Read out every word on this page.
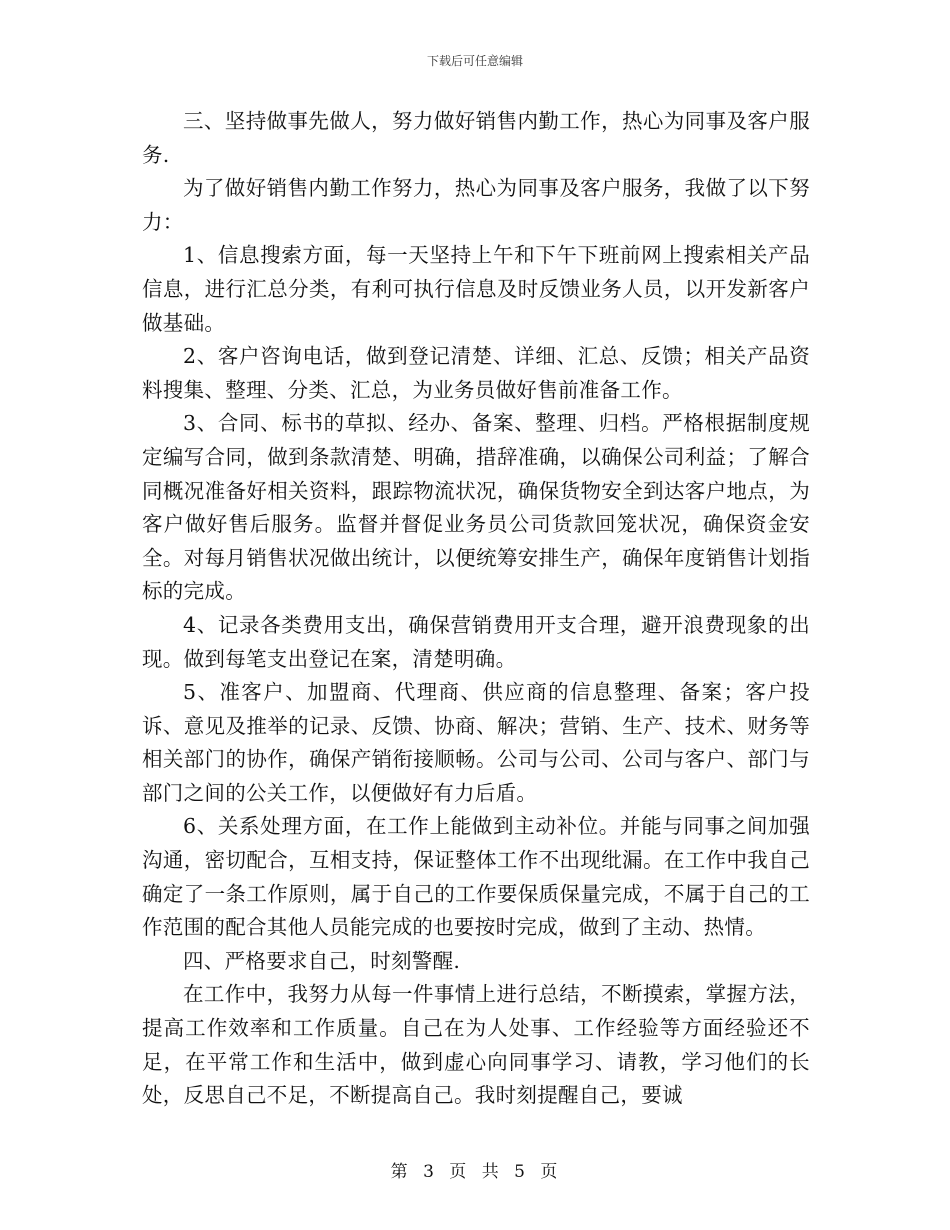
下载后可任意编辑

三、坚持做事先做人，努力做好销售内勤工作，热心为同事及客户服务.

为了做好销售内勤工作努力，热心为同事及客户服务，我做了以下努力：

1、信息搜索方面，每一天坚持上午和下午下班前网上搜索相关产品信息，进行汇总分类，有利可执行信息及时反馈业务人员，以开发新客户做基础。

2、客户咨询电话，做到登记清楚、详细、汇总、反馈；相关产品资料搜集、整理、分类、汇总，为业务员做好售前准备工作。

3、合同、标书的草拟、经办、备案、整理、归档。严格根据制度规定编写合同，做到条款清楚、明确，措辞准确，以确保公司利益；了解合同概况准备好相关资料，跟踪物流状况，确保货物安全到达客户地点，为客户做好售后服务。监督并督促业务员公司货款回笼状况，确保资金安全。对每月销售状况做出统计，以便统筹安排生产，确保年度销售计划指标的完成。

4、记录各类费用支出，确保营销费用开支合理，避开浪费现象的出现。做到每笔支出登记在案，清楚明确。

5、准客户、加盟商、代理商、供应商的信息整理、备案；客户投诉、意见及推举的记录、反馈、协商、解决；营销、生产、技术、财务等相关部门的协作，确保产销衔接顺畅。公司与公司、公司与客户、部门与部门之间的公关工作，以便做好有力后盾。

6、关系处理方面，在工作上能做到主动补位。并能与同事之间加强沟通，密切配合，互相支持，保证整体工作不出现纰漏。在工作中我自己确定了一条工作原则，属于自己的工作要保质保量完成，不属于自己的工作范围的配合其他人员能完成的也要按时完成，做到了主动、热情。

四、严格要求自己，时刻警醒.

在工作中，我努力从每一件事情上进行总结，不断摸索，掌握方法，提高工作效率和工作质量。自己在为人处事、工作经验等方面经验还不足，在平常工作和生活中，做到虚心向同事学习、请教，学习他们的长处，反思自己不足，不断提高自己。我时刻提醒自己，要诚

第 3 页 共 5 页
